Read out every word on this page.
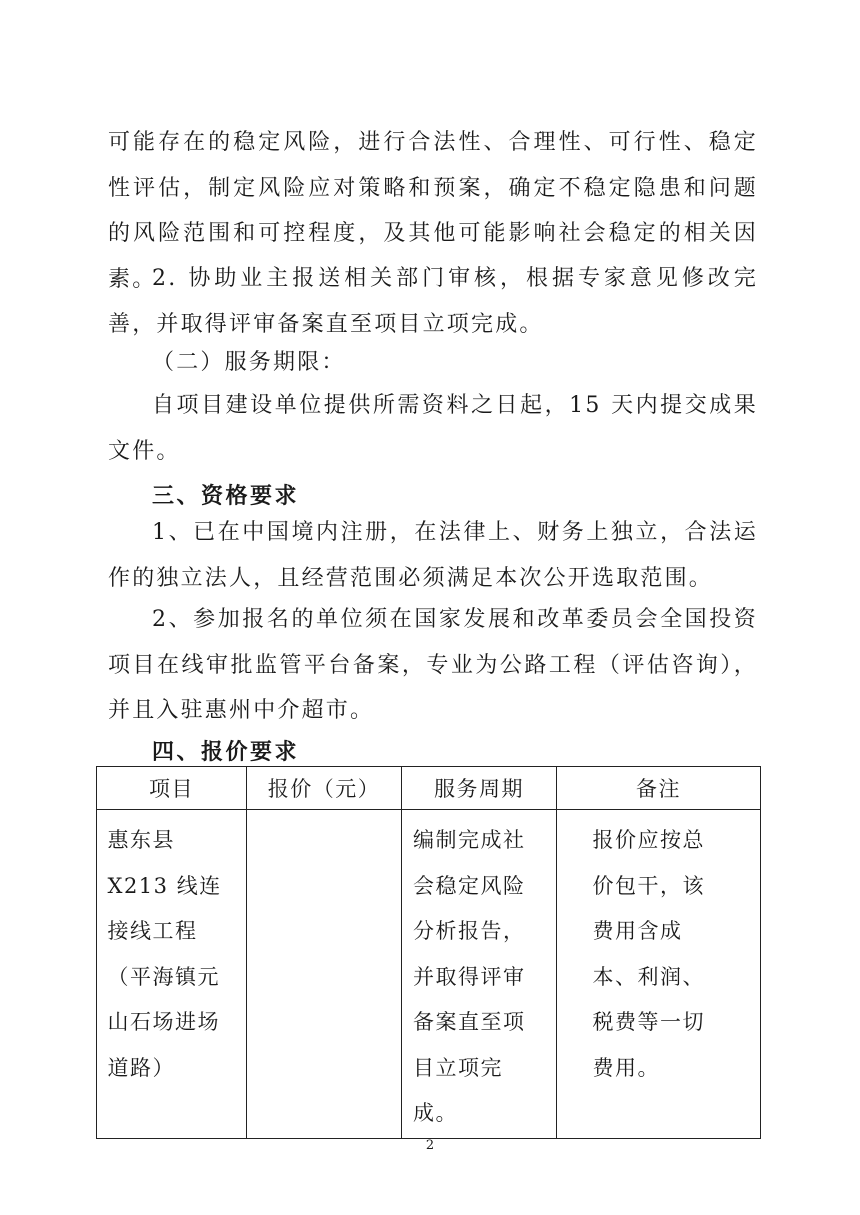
可能存在的稳定风险，进行合法性、合理性、可行性、稳定性评估，制定风险应对策略和预案，确定不稳定隐患和问题的风险范围和可控程度，及其他可能影响社会稳定的相关因素。

2. 协助业主报送相关部门审核，根据专家意见修改完善，并取得评审备案直至项目立项完成。

（二）服务期限：

自项目建设单位提供所需资料之日起，15 天内提交成果文件。

三、资格要求

1、已在中国境内注册，在法律上、财务上独立，合法运作的独立法人，且经营范围必须满足本次公开选取范围。

2、参加报名的单位须在国家发展和改革委员会全国投资项目在线审批监管平台备案，专业为公路工程（评估咨询），并且入驻惠州中介超市。

四、报价要求

项目	报价（元）	服务周期	备注

惠东县 X213 线连接线工程（平海镇元山石场进场道路）		编制完成社会稳定风险分析报告，并取得评审备案直至项目立项完成。	报价应按总价包干，该费用含成本、利润、税费等一切费用。
2
